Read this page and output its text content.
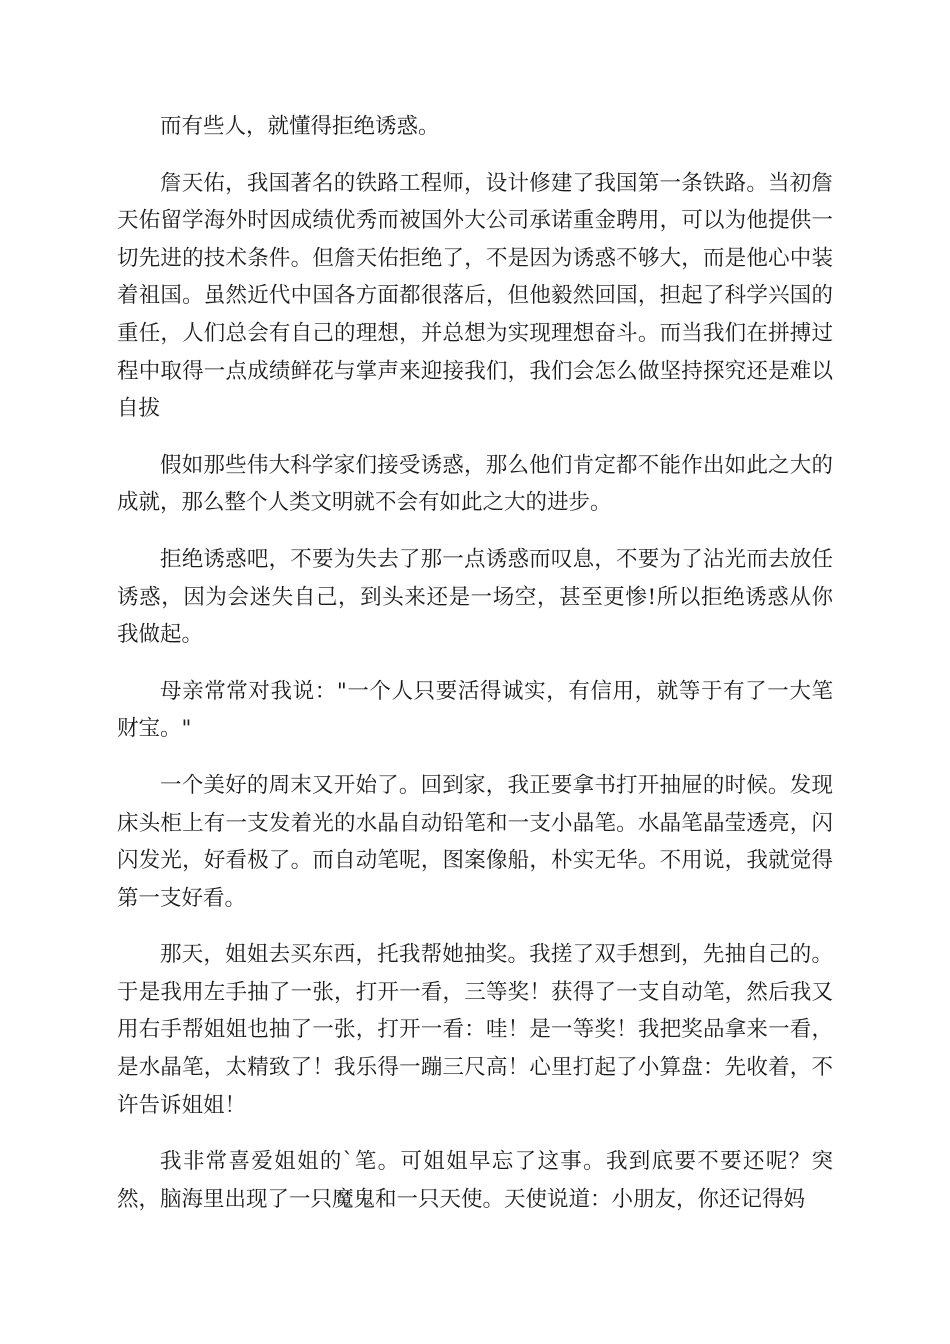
而有些人，就懂得拒绝诱惑。

詹天佑，我国著名的铁路工程师，设计修建了我国第一条铁路。当初詹天佑留学海外时因成绩优秀而被国外大公司承诺重金聘用，可以为他提供一切先进的技术条件。但詹天佑拒绝了，不是因为诱惑不够大，而是他心中装着祖国。虽然近代中国各方面都很落后，但他毅然回国，担起了科学兴国的重任，人们总会有自己的理想，并总想为实现理想奋斗。而当我们在拼搏过程中取得一点成绩鲜花与掌声来迎接我们，我们会怎么做坚持探究还是难以自拔

假如那些伟大科学家们接受诱惑，那么他们肯定都不能作出如此之大的成就，那么整个人类文明就不会有如此之大的进步。

拒绝诱惑吧，不要为失去了那一点诱惑而叹息，不要为了沾光而去放任诱惑，因为会迷失自己，到头来还是一场空，甚至更惨!所以拒绝诱惑从你我做起。

母亲常常对我说："一个人只要活得诚实，有信用，就等于有了一大笔财宝。"

一个美好的周末又开始了。回到家，我正要拿书打开抽屉的时候。发现床头柜上有一支发着光的水晶自动铅笔和一支小晶笔。水晶笔晶莹透亮，闪闪发光，好看极了。而自动笔呢，图案像船，朴实无华。不用说，我就觉得第一支好看。

那天，姐姐去买东西，托我帮她抽奖。我搓了双手想到，先抽自己的。于是我用左手抽了一张，打开一看，三等奖！获得了一支自动笔，然后我又用右手帮姐姐也抽了一张，打开一看：哇！是一等奖！我把奖品拿来一看，是水晶笔，太精致了！我乐得一蹦三尺高！心里打起了小算盘：先收着，不许告诉姐姐！

我非常喜爱姐姐的`笔。可姐姐早忘了这事。我到底要不要还呢？突然，脑海里出现了一只魔鬼和一只天使。天使说道：小朋友，你还记得妈
